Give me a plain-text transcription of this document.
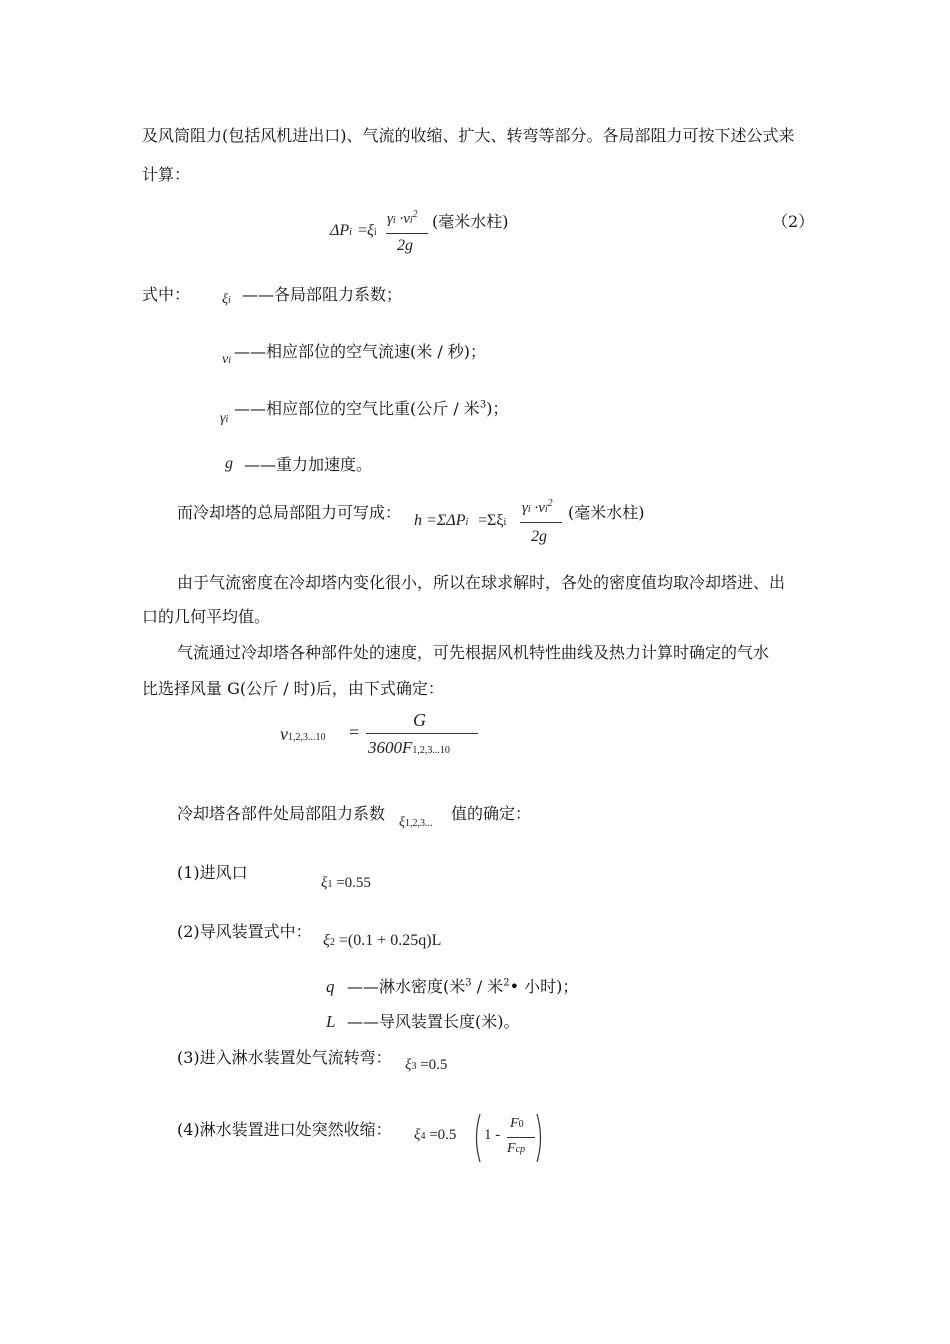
及风筒阻力(包括风机进出口)、气流的收缩、扩大、转弯等部分。各局部阻力可按下述公式来
计算：
ΔPi =ξi
$\gamma i \cdot vi^2$
2g
(毫米水柱)	（2）
式中： ξi ——各局部阻力系数；
vi ——相应部位的空气流速(米 / 秒)；
γi
——相应部位的空气比重(公斤 / 米$^3$)；
g ——重力加速度。
而冷却塔的总局部阻力可写成： h =ΣΔPi =Σξi
$\gamma i \cdot vi^2$
2g
(毫米水柱)
由于气流密度在冷却塔内变化很小，所以在球求解时，各处的密度值均取冷却塔进、出
口的几何平均值。
气流通过冷却塔各种部件处的速度，可先根据风机特性曲线及热力计算时确定的气水
比选择风量 G(公斤 / 时)后，由下式确定：
v1,2,3...10 =
G
3600F1,2,3...10
冷却塔各部件处局部阻力系数 ξ1,2,3...
值的确定：
(1)进风口
ξ1 =0.55
(2)导风装置式中： ξ2 =(0.1 + 0.25q)L
q ——淋水密度(米$^3$ / 米$^2$• 小时)；
L ——导风装置长度(米)。
(3)进入淋水装置处气流转弯： ξ3 =0.5
(4)淋水装置进口处突然收缩： ξ4 =0.5 1 -
F0
Fcp
